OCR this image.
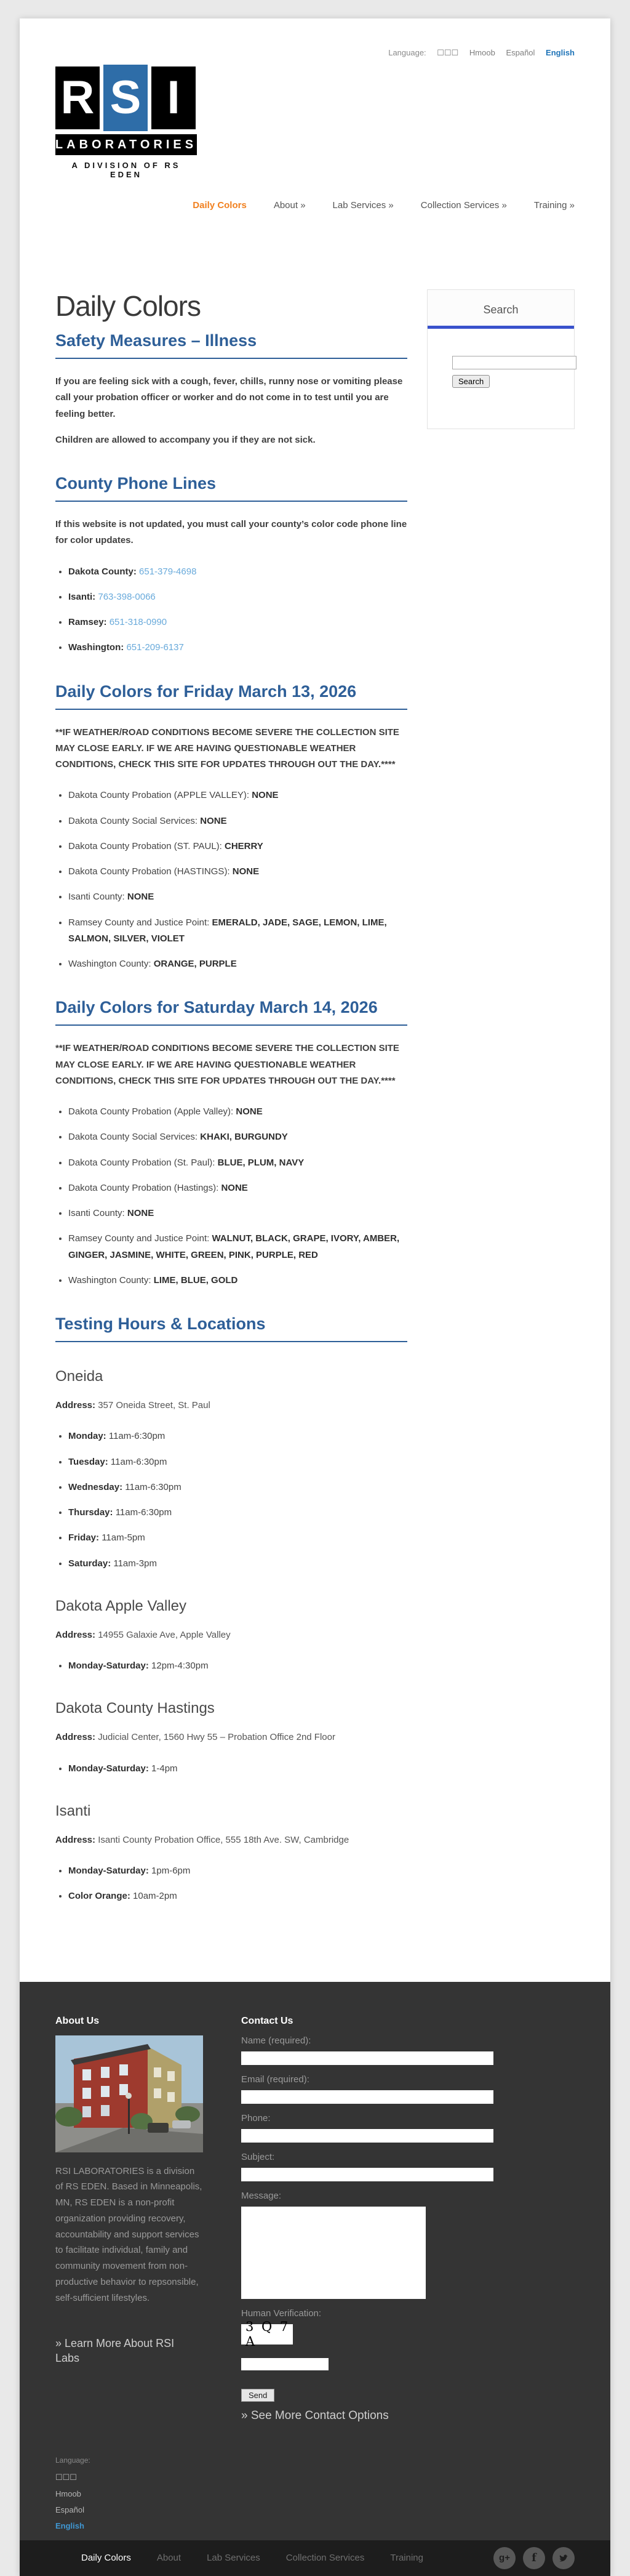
Language: ☐☐☐ Hmoob Español English
R S I
LABORATORIES
A DIVISION OF RS EDEN
Daily Colors	About »	Lab Services »	Collection Services »	Training »
Daily Colors
Safety Measures – Illness

If you are feeling sick with a cough, fever, chills, runny nose or vomiting please call your probation officer or worker and do not come in to test until you are feeling better.

Children are allowed to accompany you if they are not sick.

County Phone Lines

If this website is not updated, you must call your county’s color code phone line for color updates.

• Dakota County: 651-379-4698
• Isanti: 763-398-0066
• Ramsey: 651-318-0990
• Washington: 651-209-6137
Daily Colors for Friday March 13, 2026

**IF WEATHER/ROAD CONDITIONS BECOME SEVERE THE COLLECTION SITE MAY CLOSE EARLY. IF WE ARE HAVING QUESTIONABLE WEATHER CONDITIONS, CHECK THIS SITE FOR UPDATES THROUGH OUT THE DAY.****

• Dakota County Probation (APPLE VALLEY): NONE
• Dakota County Social Services: NONE
• Dakota County Probation (ST. PAUL): CHERRY
• Dakota County Probation (HASTINGS): NONE
• Isanti County: NONE
• Ramsey County and Justice Point: EMERALD, JADE, SAGE, LEMON, LIME, SALMON, SILVER, VIOLET
• Washington County: ORANGE, PURPLE
Daily Colors for Saturday March 14, 2026

**IF WEATHER/ROAD CONDITIONS BECOME SEVERE THE COLLECTION SITE MAY CLOSE EARLY. IF WE ARE HAVING QUESTIONABLE WEATHER CONDITIONS, CHECK THIS SITE FOR UPDATES THROUGH OUT THE DAY.****

• Dakota County Probation (Apple Valley): NONE
• Dakota County Social Services: KHAKI, BURGUNDY
• Dakota County Probation (St. Paul): BLUE, PLUM, NAVY
• Dakota County Probation (Hastings): NONE
• Isanti County: NONE
• Ramsey County and Justice Point: WALNUT, BLACK, GRAPE, IVORY, AMBER, GINGER, JASMINE, WHITE, GREEN, PINK, PURPLE, RED
• Washington County: LIME, BLUE, GOLD
Testing Hours & Locations
Oneida

Address: 357 Oneida Street, St. Paul

• Monday: 11am-6:30pm
• Tuesday: 11am-6:30pm
• Wednesday: 11am-6:30pm
• Thursday: 11am-6:30pm
• Friday: 11am-5pm
• Saturday: 11am-3pm
Dakota Apple Valley

Address: 14955 Galaxie Ave, Apple Valley

• Monday-Saturday: 12pm-4:30pm
Dakota County Hastings

Address: Judicial Center, 1560 Hwy 55 – Probation Office 2nd Floor

• Monday-Saturday: 1-4pm
Isanti

Address: Isanti County Probation Office, 555 18th Ave. SW, Cambridge

• Monday-Saturday: 1pm-6pm
• Color Orange: 10am-2pm
Search
Search
About Us

RSI LABORATORIES is a division of RS EDEN. Based in Minneapolis, MN, RS EDEN is a non-profit organization providing recovery, accountability and support services to facilitate individual, family and community movement from non-productive behavior to repsonsible, self-sufficient lifestyles.

» Learn More About RSI Labs
Contact Us
Name (required):
Email (required):
Phone:
Subject:
Message:
Human Verification:
3 Q 7 A
Send
» See More Contact Options
Language:
☐☐☐
Hmoob
Español
English
Daily Colors	About	Lab Services	Collection Services	Training	g+	f
